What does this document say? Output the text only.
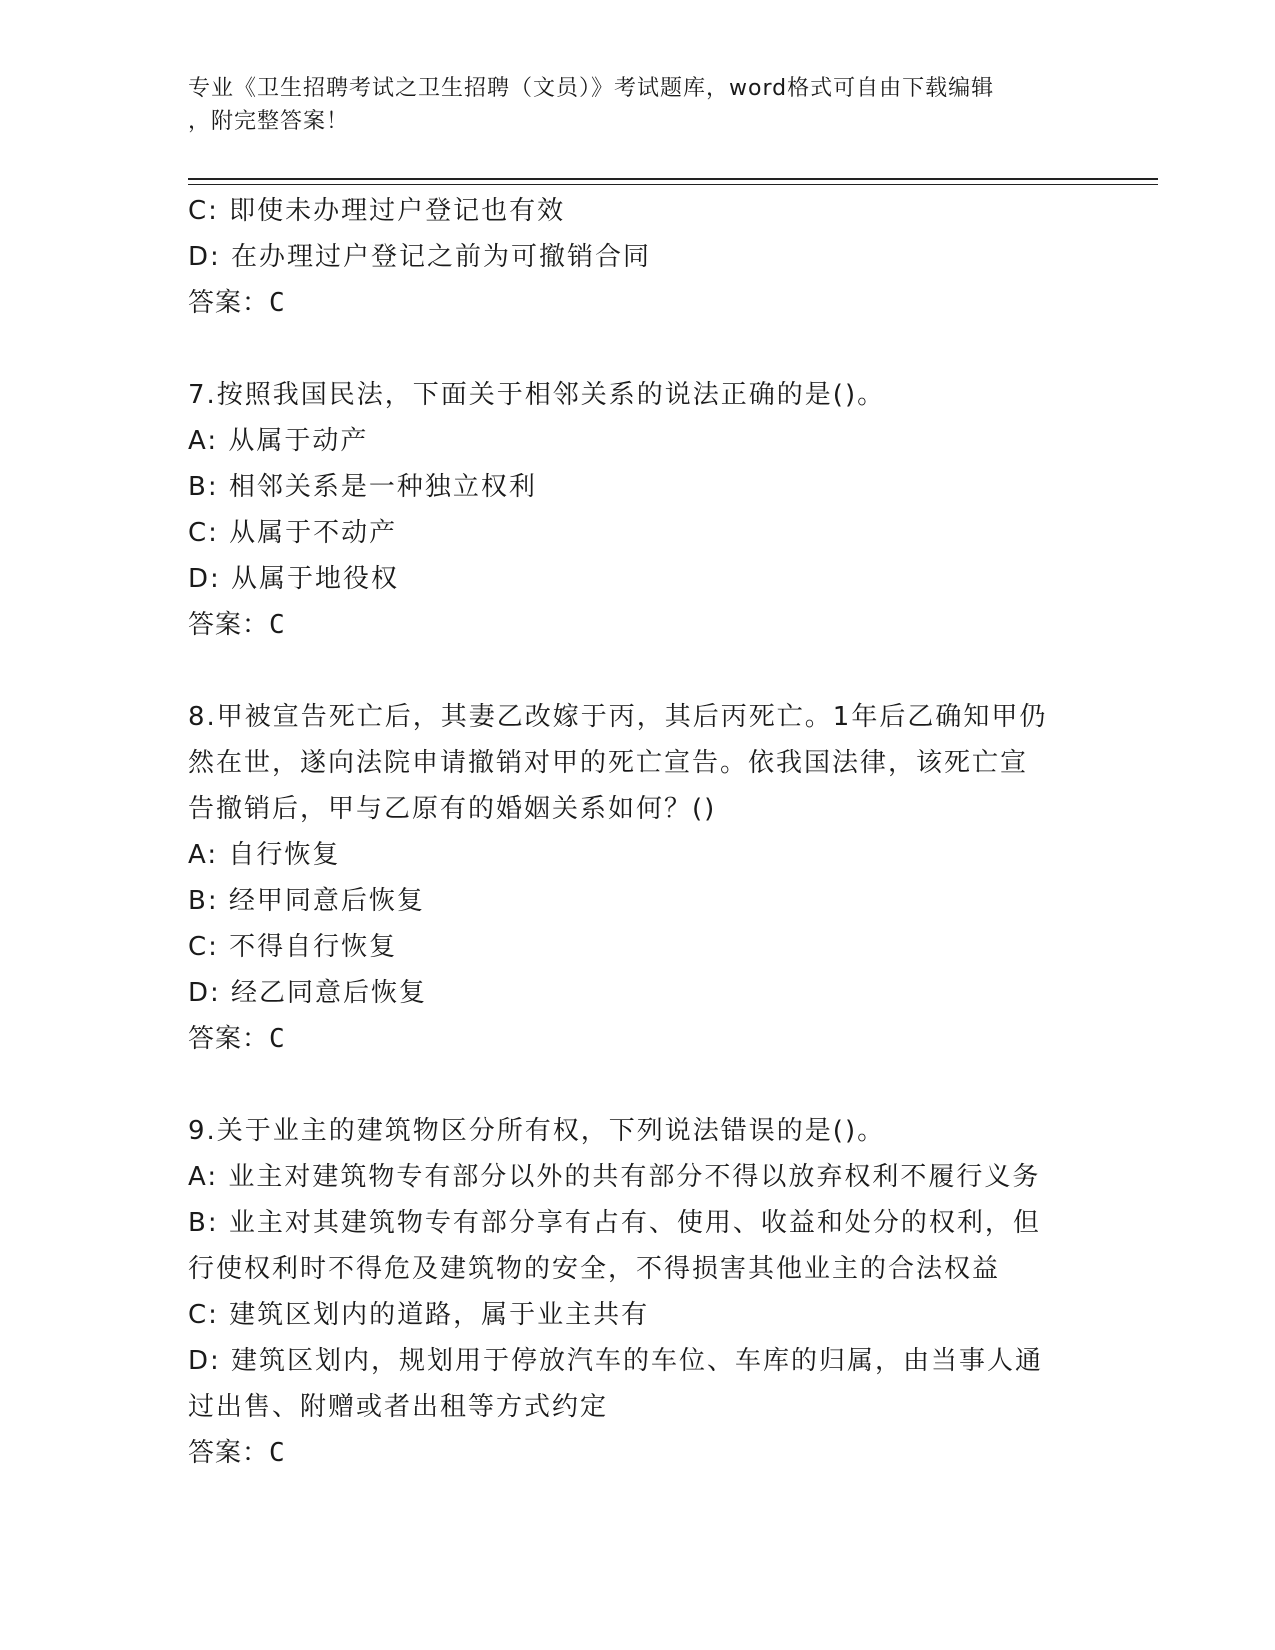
专业《卫生招聘考试之卫生招聘（文员）》考试题库，word格式可自由下载编辑
，附完整答案！
C: 即使未办理过户登记也有效
D: 在办理过户登记之前为可撤销合同
答案：C
7.按照我国民法，下面关于相邻关系的说法正确的是()。
A: 从属于动产
B: 相邻关系是一种独立权利
C: 从属于不动产
D: 从属于地役权
答案：C
8.甲被宣告死亡后，其妻乙改嫁于丙，其后丙死亡。1年后乙确知甲仍
然在世，遂向法院申请撤销对甲的死亡宣告。依我国法律，该死亡宣
告撤销后，甲与乙原有的婚姻关系如何？()
A: 自行恢复
B: 经甲同意后恢复
C: 不得自行恢复
D: 经乙同意后恢复
答案：C
9.关于业主的建筑物区分所有权，下列说法错误的是()。
A: 业主对建筑物专有部分以外的共有部分不得以放弃权利不履行义务
B: 业主对其建筑物专有部分享有占有、使用、收益和处分的权利，但
行使权利时不得危及建筑物的安全，不得损害其他业主的合法权益
C: 建筑区划内的道路，属于业主共有
D: 建筑区划内，规划用于停放汽车的车位、车库的归属，由当事人通
过出售、附赠或者出租等方式约定
答案：C
